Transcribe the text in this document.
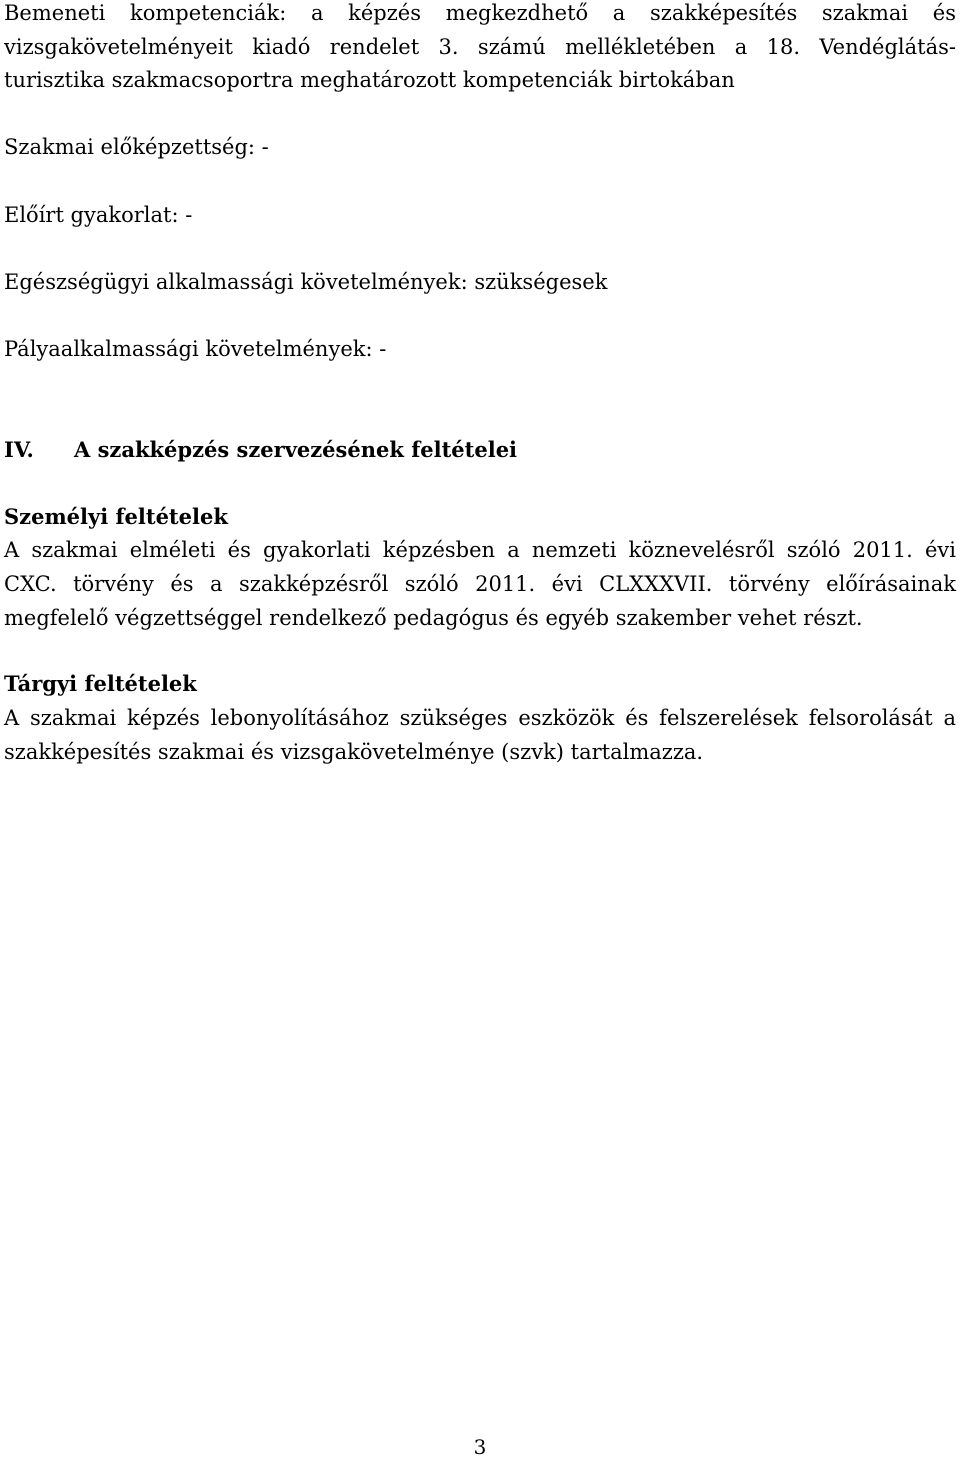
Bemeneti kompetenciák: a képzés megkezdhető a szakképesítés szakmai és
vizsgakövetelményeit kiadó rendelet 3. számú mellékletében a 18. Vendéglátás-
turisztika szakmacsoportra meghatározott kompetenciák birtokában
Szakmai előképzettség: -
Előírt gyakorlat: -
Egészségügyi alkalmassági követelmények: szükségesek
Pályaalkalmassági követelmények: -
IV. A szakképzés szervezésének feltételei
Személyi feltételek
A szakmai elméleti és gyakorlati képzésben a nemzeti köznevelésről szóló 2011. évi
CXC. törvény és a szakképzésről szóló 2011. évi CLXXXVII. törvény előírásainak
megfelelő végzettséggel rendelkező pedagógus és egyéb szakember vehet részt.
Tárgyi feltételek
A szakmai képzés lebonyolításához szükséges eszközök és felszerelések felsorolását a
szakképesítés szakmai és vizsgakövetelménye (szvk) tartalmazza.
3
